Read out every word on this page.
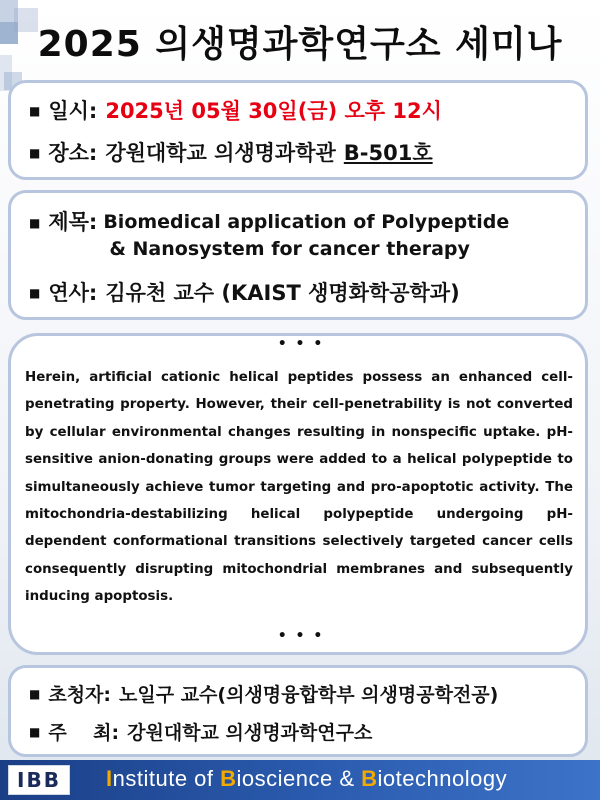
2025 의생명과학연구소 세미나
■ 일시: 2025년 05월 30일(금) 오후 12시
■ 장소: 강원대학교 의생명과학관 B-501호
■ 제목: Biomedical application of Polypeptide
& Nanosystem for cancer therapy
■ 연사: 김유천 교수 (KAIST 생명화학공학과)
• • •

Herein, artificial cationic helical peptides possess an enhanced cell-penetrating property. However, their cell-penetrability is not converted by cellular environmental changes resulting in nonspecific uptake. pH-sensitive anion-donating groups were added to a helical polypeptide to simultaneously achieve tumor targeting and pro-apoptotic activity. The mitochondria-destabilizing helical polypeptide undergoing pH-dependent conformational transitions selectively targeted cancer cells consequently disrupting mitochondrial membranes and subsequently inducing apoptosis.

• • •
■ 초청자: 노일구 교수(의생명융합학부 의생명공학전공)
■ 주    최: 강원대학교 의생명과학연구소
IBB Institute of Bioscience & Biotechnology
